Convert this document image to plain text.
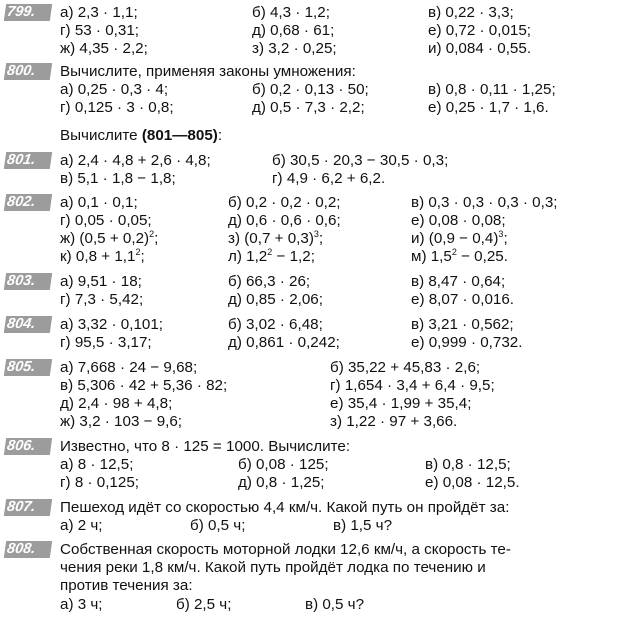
799.	а) 2,3 · 1,1;	б) 4,3 · 1,2;	в) 0,22 · 3,3;
г) 53 · 0,31;	д) 0,68 · 61;	е) 0,72 · 0,015;
ж) 4,35 · 2,2;	з) 3,2 · 0,25;	и) 0,084 · 0,55.
800.	Вычислите, применяя законы умножения:
а) 0,25 · 0,3 · 4;	б) 0,2 · 0,13 · 50;	в) 0,8 · 0,11 · 1,25;
г) 0,125 · 3 · 0,8;	д) 0,5 · 7,3 · 2,2;	е) 0,25 · 1,7 · 1,6.
Вычислите (801—805):
801.	а) 2,4 · 4,8 + 2,6 · 4,8;	б) 30,5 · 20,3 − 30,5 · 0,3;
в) 5,1 · 1,8 − 1,8;	г) 4,9 · 6,2 + 6,2.
802.	а) 0,1 · 0,1;	б) 0,2 · 0,2 · 0,2;	в) 0,3 · 0,3 · 0,3 · 0,3;
г) 0,05 · 0,05;	д) 0,6 · 0,6 · 0,6;	е) 0,08 · 0,08;
ж) $(0,5 + 0,2)^2$;	з) $(0,7 + 0,3)^3$;	и) $(0,9 - 0,4)^3$;
к) $0,8 + 1,1^2$;	л) $1,2^2 - 1,2$;	м) $1,5^2 - 0,25$.
803.	а) 9,51 · 18;	б) 66,3 · 26;	в) 8,47 · 0,64;
г) 7,3 · 5,42;	д) 0,85 · 2,06;	е) 8,07 · 0,016.
804.	а) 3,32 · 0,101;	б) 3,02 · 6,48;	в) 3,21 · 0,562;
г) 95,5 · 3,17;	д) 0,861 · 0,242;	е) 0,999 · 0,732.
805.	а) 7,668 · 24 − 9,68;	б) 35,22 + 45,83 · 2,6;
в) 5,306 · 42 + 5,36 · 82;	г) 1,654 · 3,4 + 6,4 · 9,5;
д) 2,4 · 98 + 4,8;	е) 35,4 · 1,99 + 35,4;
ж) 3,2 · 103 − 9,6;	з) 1,22 · 97 + 3,66.
806.	Известно, что 8 · 125 = 1000. Вычислите:
а) 8 · 12,5;	б) 0,08 · 125;	в) 0,8 · 12,5;
г) 8 · 0,125;	д) 0,8 · 1,25;	е) 0,08 · 12,5.
807.	Пешеход идёт со скоростью 4,4 км/ч. Какой путь он пройдёт за:
а) 2 ч;	б) 0,5 ч;	в) 1,5 ч?
808.	Собственная скорость моторной лодки 12,6 км/ч, а скорость те-
чения реки 1,8 км/ч. Какой путь пройдёт лодка по течению и
против течения за:
а) 3 ч;	б) 2,5 ч;	в) 0,5 ч?
